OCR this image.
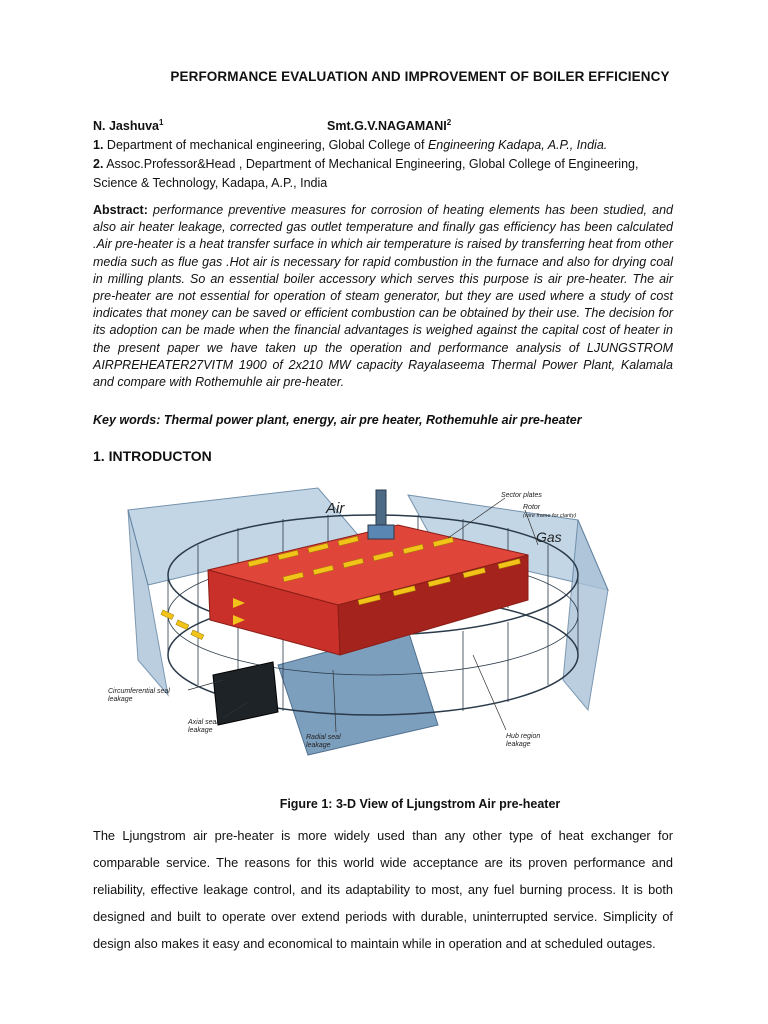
PERFORMANCE EVALUATION AND IMPROVEMENT OF BOILER EFFICIENCY
N. Jashuva$^1$	Smt.G.V.NAGAMANI$^2$
1. Department of mechanical engineering, Global College of Engineering Kadapa, A.P., India.
2. Assoc.Professor&Head , Department of Mechanical Engineering, Global College of Engineering, Science & Technology, Kadapa, A.P., India
Abstract: performance preventive measures for corrosion of heating elements has been studied, and also air heater leakage, corrected gas outlet temperature and finally gas efficiency has been calculated .Air pre-heater is a heat transfer surface in which air temperature is raised by transferring heat from other media such as flue gas .Hot air is necessary for rapid combustion in the furnace and also for drying coal in milling plants. So an essential boiler accessory which serves this purpose is air pre-heater. The air pre-heater are not essential for operation of steam generator, but they are used where a study of cost indicates that money can be saved or efficient combustion can be obtained by their use. The decision for its adoption can be made when the financial advantages is weighed against the capital cost of heater in the present paper we have taken up the operation and performance analysis of LJUNGSTROM AIRPREHEATER27VITM 1900 of 2x210 MW capacity Rayalaseema Thermal Power Plant, Kalamala and compare with Rothemuhle air pre-heater.
Key words: Thermal power plant, energy, air pre heater, Rothemuhle air pre-heater
1. INTRODUCTON
Air
Gas
Sector plates
Rotor
(wire frame for clarity)
Circumferential seal
leakage
Axial seal
leakage
Radial seal
leakage
Hub region
leakage
Figure 1: 3-D View of Ljungstrom Air pre-heater
The Ljungstrom air pre-heater is more widely used than any other type of heat exchanger for comparable service. The reasons for this world wide acceptance are its proven performance and reliability, effective leakage control, and its adaptability to most, any fuel burning process. It is both designed and built to operate over extend periods with durable, uninterrupted service. Simplicity of design also makes it easy and economical to maintain while in operation and at scheduled outages.
